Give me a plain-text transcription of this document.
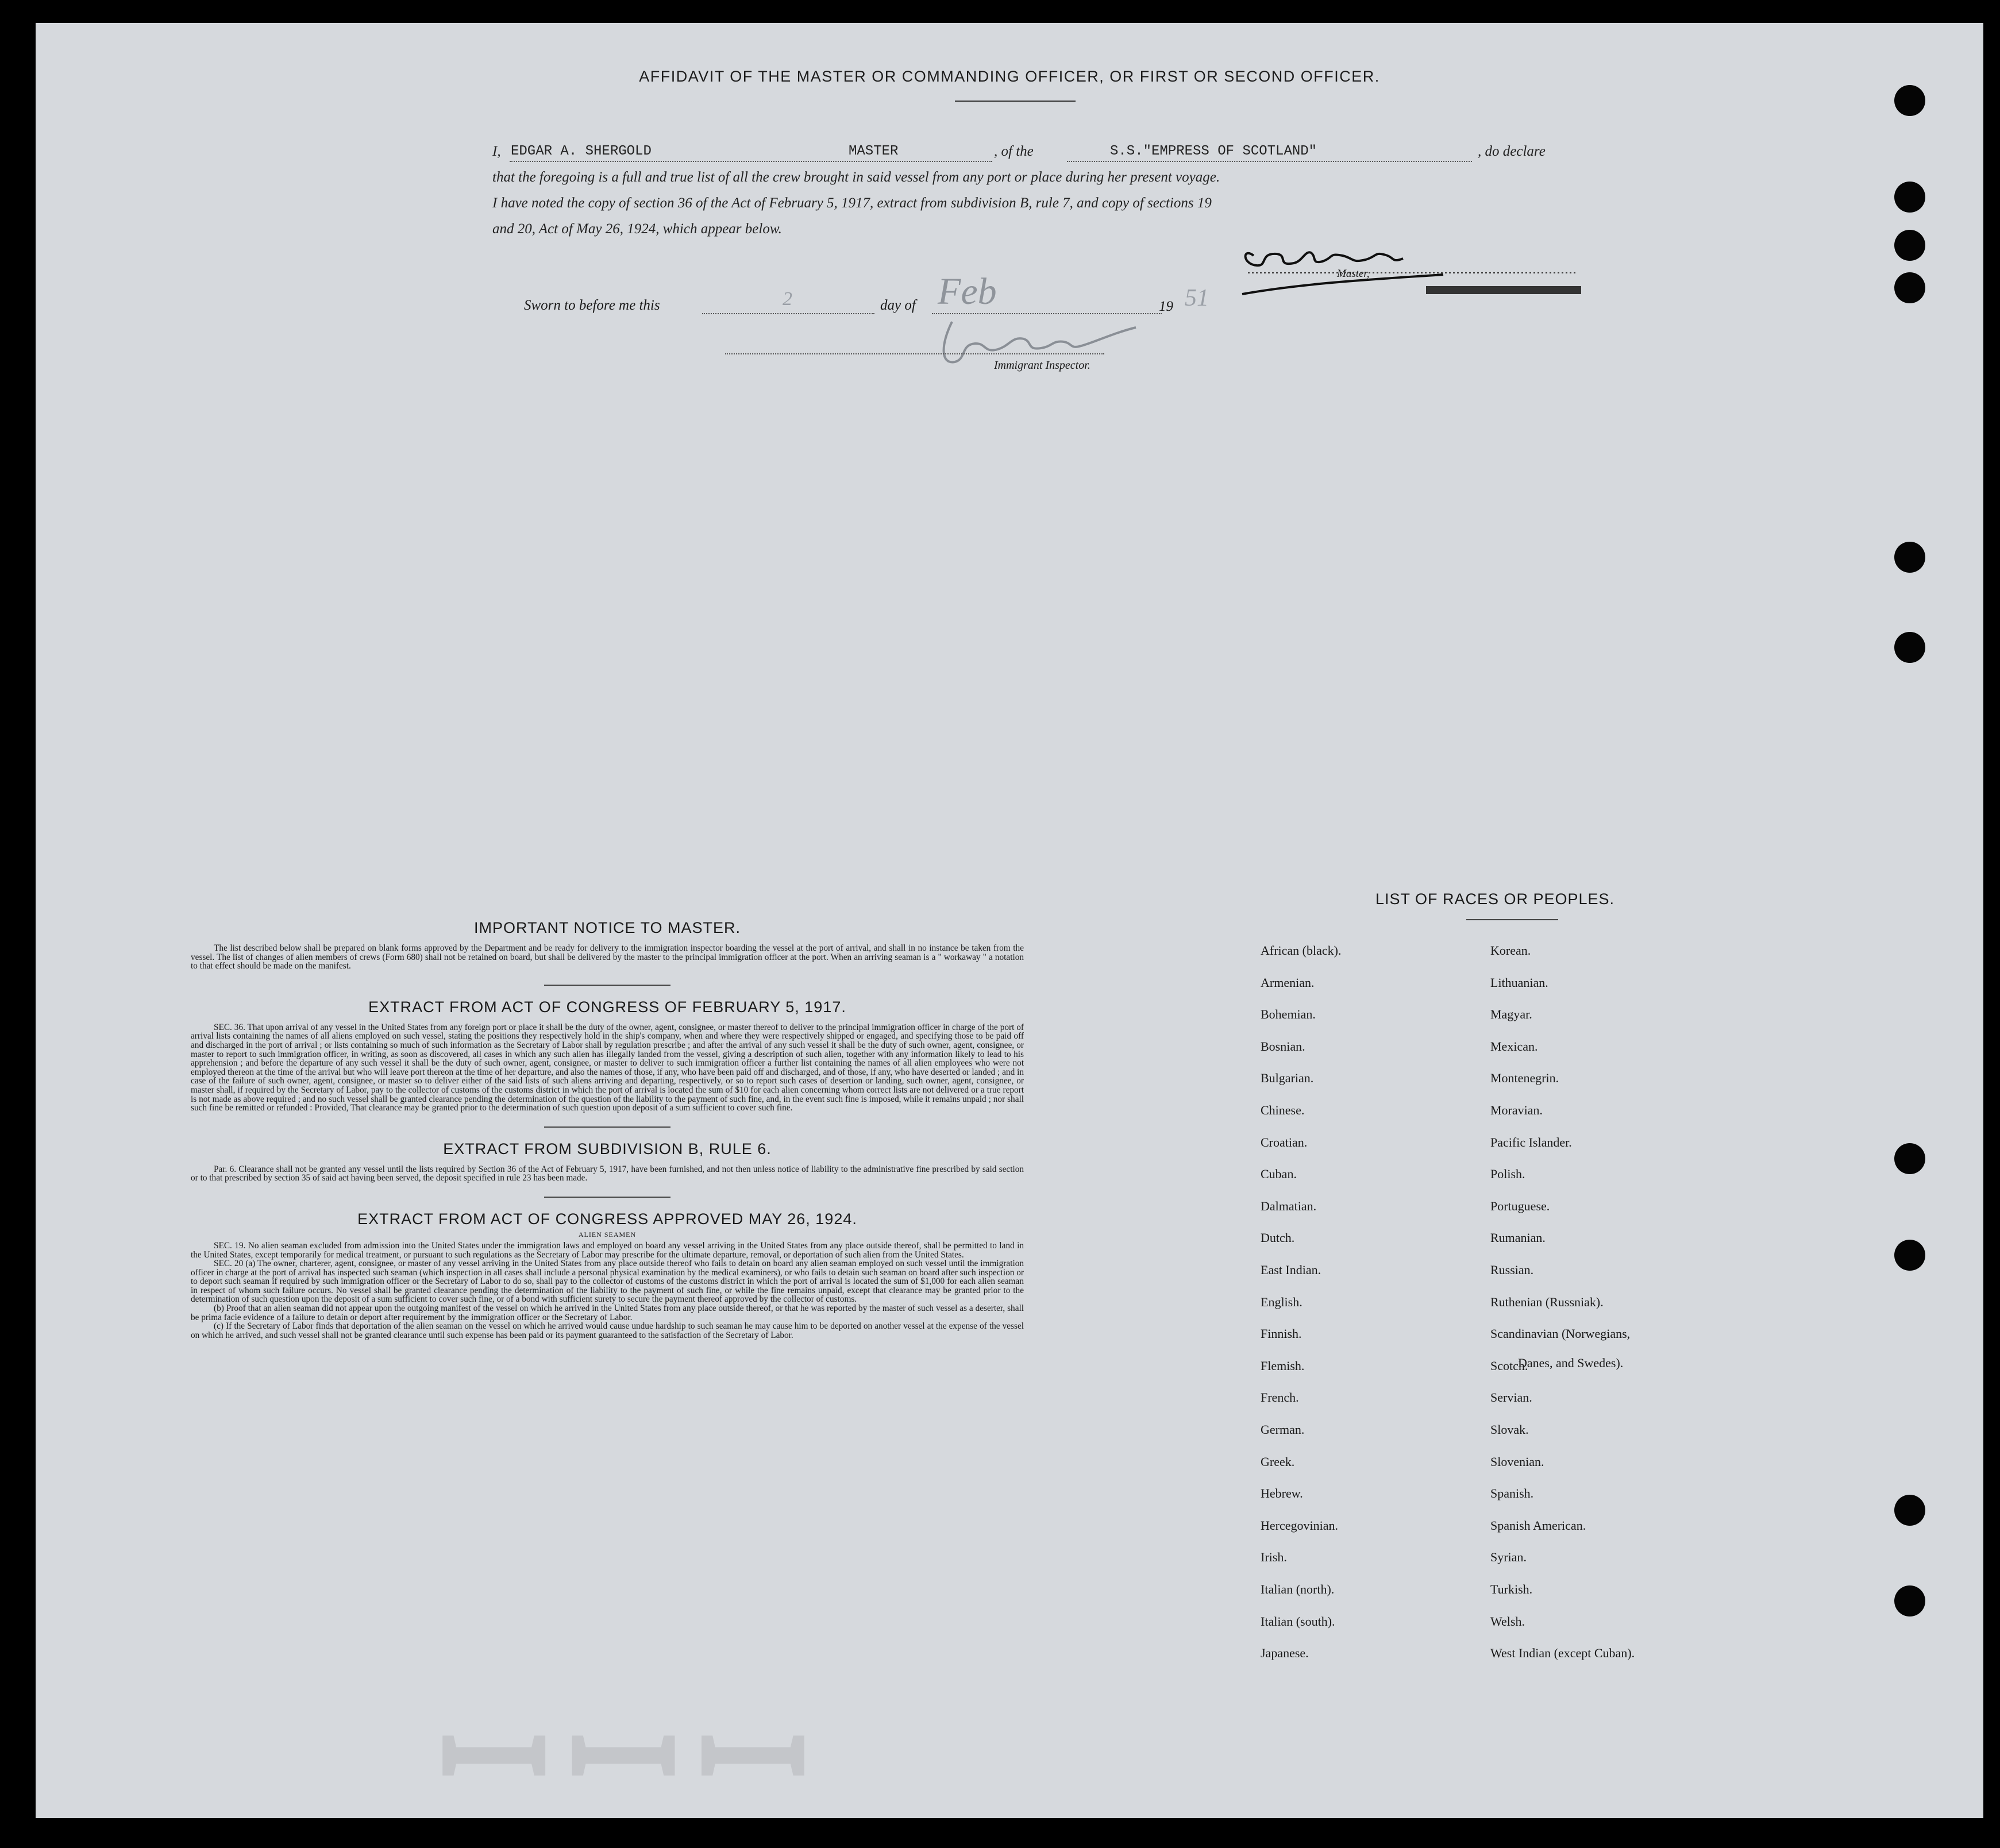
ꟷꟷꟷ
AFFIDAVIT OF THE MASTER OR COMMANDING OFFICER, OR FIRST OR SECOND OFFICER.
I, EDGAR A. SHERGOLD	MASTER	, of the	S.S."EMPRESS OF SCOTLAND"	, do declare
that the foregoing is a full and true list of all the crew brought in said vessel from any port or place during her present voyage.
I have noted the copy of section 36 of the Act of February 5, 1917, extract from subdivision B, rule 7, and copy of sections 19
and 20, Act of May 26, 1924, which appear below.
Master,
Sworn to before me this	2	day of Feb	19 51
Immigrant Inspector.
IMPORTANT NOTICE TO MASTER.

The list described below shall be prepared on blank forms approved by the Department and be ready for delivery to the immigration inspector boarding the vessel at the port of arrival, and shall in no instance be taken from the vessel. The list of changes of alien members of crews (Form 680) shall not be retained on board, but shall be delivered by the master to the principal immigration officer at the port. When an arriving seaman is a " workaway " a notation to that effect should be made on the manifest.

EXTRACT FROM ACT OF CONGRESS OF FEBRUARY 5, 1917.

SEC. 36. That upon arrival of any vessel in the United States from any foreign port or place it shall be the duty of the owner, agent, consignee, or master thereof to deliver to the principal immigration officer in charge of the port of arrival lists containing the names of all aliens employed on such vessel, stating the positions they respectively hold in the ship's company, when and where they were respectively shipped or engaged, and specifying those to be paid off and discharged in the port of arrival ; or lists containing so much of such information as the Secretary of Labor shall by regulation prescribe ; and after the arrival of any such vessel it shall be the duty of such owner, agent, consignee, or master to report to such immigration officer, in writing, as soon as discovered, all cases in which any such alien has illegally landed from the vessel, giving a description of such alien, together with any information likely to lead to his apprehension ; and before the departure of any such vessel it shall be the duty of such owner, agent, consignee, or master to deliver to such immigration officer a further list containing the names of all alien employees who were not employed thereon at the time of the arrival but who will leave port thereon at the time of her departure, and also the names of those, if any, who have been paid off and discharged, and of those, if any, who have deserted or landed ; and in case of the failure of such owner, agent, consignee, or master so to deliver either of the said lists of such aliens arriving and departing, respectively, or so to report such cases of desertion or landing, such owner, agent, consignee, or master shall, if required by the Secretary of Labor, pay to the collector of customs of the customs district in which the port of arrival is located the sum of $10 for each alien concerning whom correct lists are not delivered or a true report is not made as above required ; and no such vessel shall be granted clearance pending the determination of the question of the liability to the payment of such fine, and, in the event such fine is imposed, while it remains unpaid ; nor shall such fine be remitted or refunded : Provided, That clearance may be granted prior to the determination of such question upon deposit of a sum sufficient to cover such fine.

EXTRACT FROM SUBDIVISION B, RULE 6.

Par. 6. Clearance shall not be granted any vessel until the lists required by Section 36 of the Act of February 5, 1917, have been furnished, and not then unless notice of liability to the administrative fine prescribed by said section or to that prescribed by section 35 of said act having been served, the deposit specified in rule 23 has been made.

EXTRACT FROM ACT OF CONGRESS APPROVED MAY 26, 1924.
ALIEN SEAMEN

SEC. 19. No alien seaman excluded from admission into the United States under the immigration laws and employed on board any vessel arriving in the United States from any place outside thereof, shall be permitted to land in the United States, except temporarily for medical treatment, or pursuant to such regulations as the Secretary of Labor may prescribe for the ultimate departure, removal, or deportation of such alien from the United States.

SEC. 20 (a) The owner, charterer, agent, consignee, or master of any vessel arriving in the United States from any place outside thereof who fails to detain on board any alien seaman employed on such vessel until the immigration officer in charge at the port of arrival has inspected such seaman (which inspection in all cases shall include a personal physical examination by the medical examiners), or who fails to detain such seaman on board after such inspection or to deport such seaman if required by such immigration officer or the Secretary of Labor to do so, shall pay to the collector of customs of the customs district in which the port of arrival is located the sum of $1,000 for each alien seaman in respect of whom such failure occurs. No vessel shall be granted clearance pending the determination of the liability to the payment of such fine, or while the fine remains unpaid, except that clearance may be granted prior to the determination of such question upon the deposit of a sum sufficient to cover such fine, or of a bond with sufficient surety to secure the payment thereof approved by the collector of customs.

(b) Proof that an alien seaman did not appear upon the outgoing manifest of the vessel on which he arrived in the United States from any place outside thereof, or that he was reported by the master of such vessel as a deserter, shall be prima facie evidence of a failure to detain or deport after requirement by the immigration officer or the Secretary of Labor.

(c) If the Secretary of Labor finds that deportation of the alien seaman on the vessel on which he arrived would cause undue hardship to such seaman he may cause him to be deported on another vessel at the expense of the vessel on which he arrived, and such vessel shall not be granted clearance until such expense has been paid or its payment guaranteed to the satisfaction of the Secretary of Labor.

LIST OF RACES OR PEOPLES.
African (black).
Armenian.
Bohemian.
Bosnian.
Bulgarian.
Chinese.
Croatian.
Cuban.
Dalmatian.
Dutch.
East Indian.
English.
Finnish.
Flemish.
French.
German.
Greek.
Hebrew.
Hercegovinian.
Irish.
Italian (north).
Italian (south).
Japanese.
Korean.
Lithuanian.
Magyar.
Mexican.
Montenegrin.
Moravian.
Pacific Islander.
Polish.
Portuguese.
Rumanian.
Russian.
Ruthenian (Russniak).
Scandinavian (Norwegians,
Scotch.
Servian.
Slovak.
Slovenian.
Spanish.
Spanish American.
Syrian.
Turkish.
Welsh.
West Indian (except Cuban).
Danes, and Swedes).
